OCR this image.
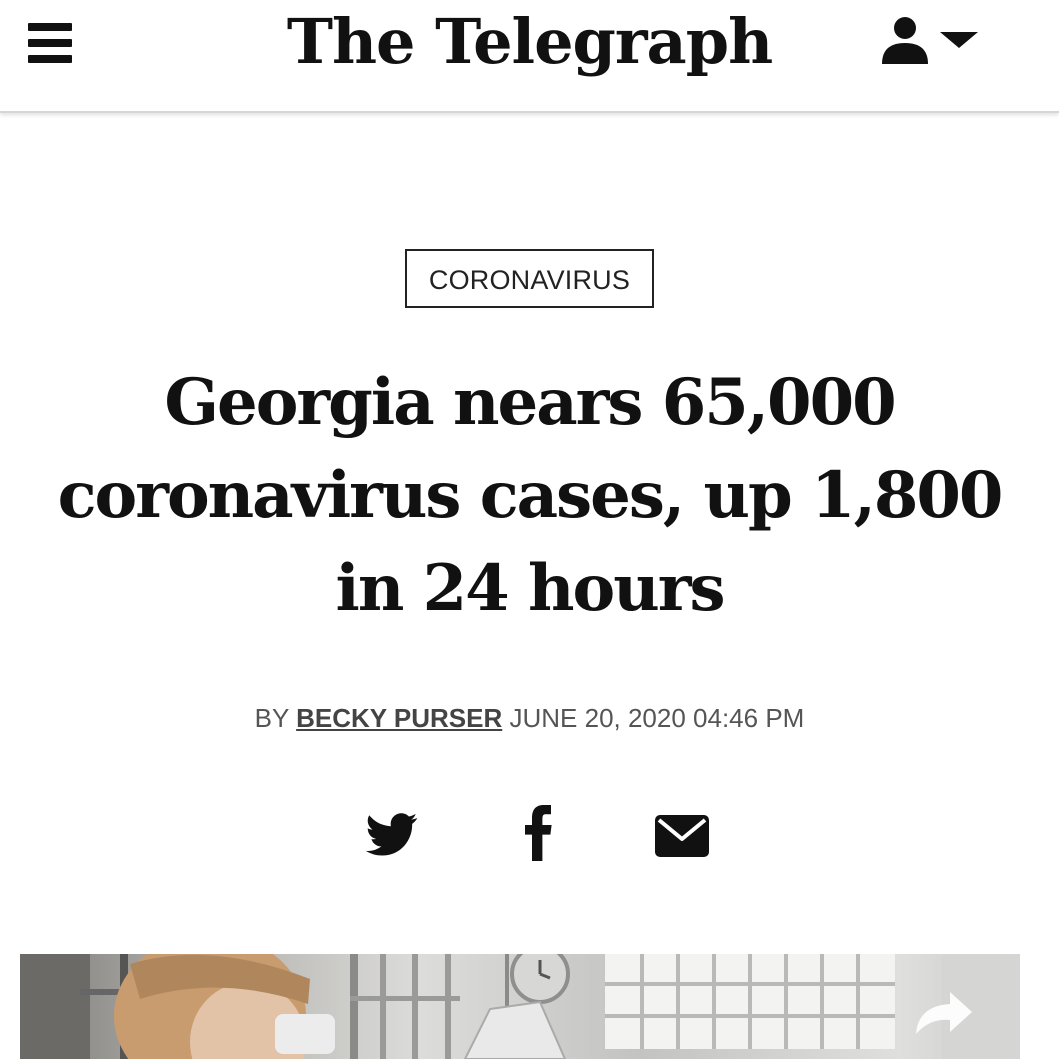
The Telegraph
CORONAVIRUS
Georgia nears 65,000
coronavirus cases, up 1,800
in 24 hours
BY BECKY PURSER JUNE 20, 2020 04:46 PM
